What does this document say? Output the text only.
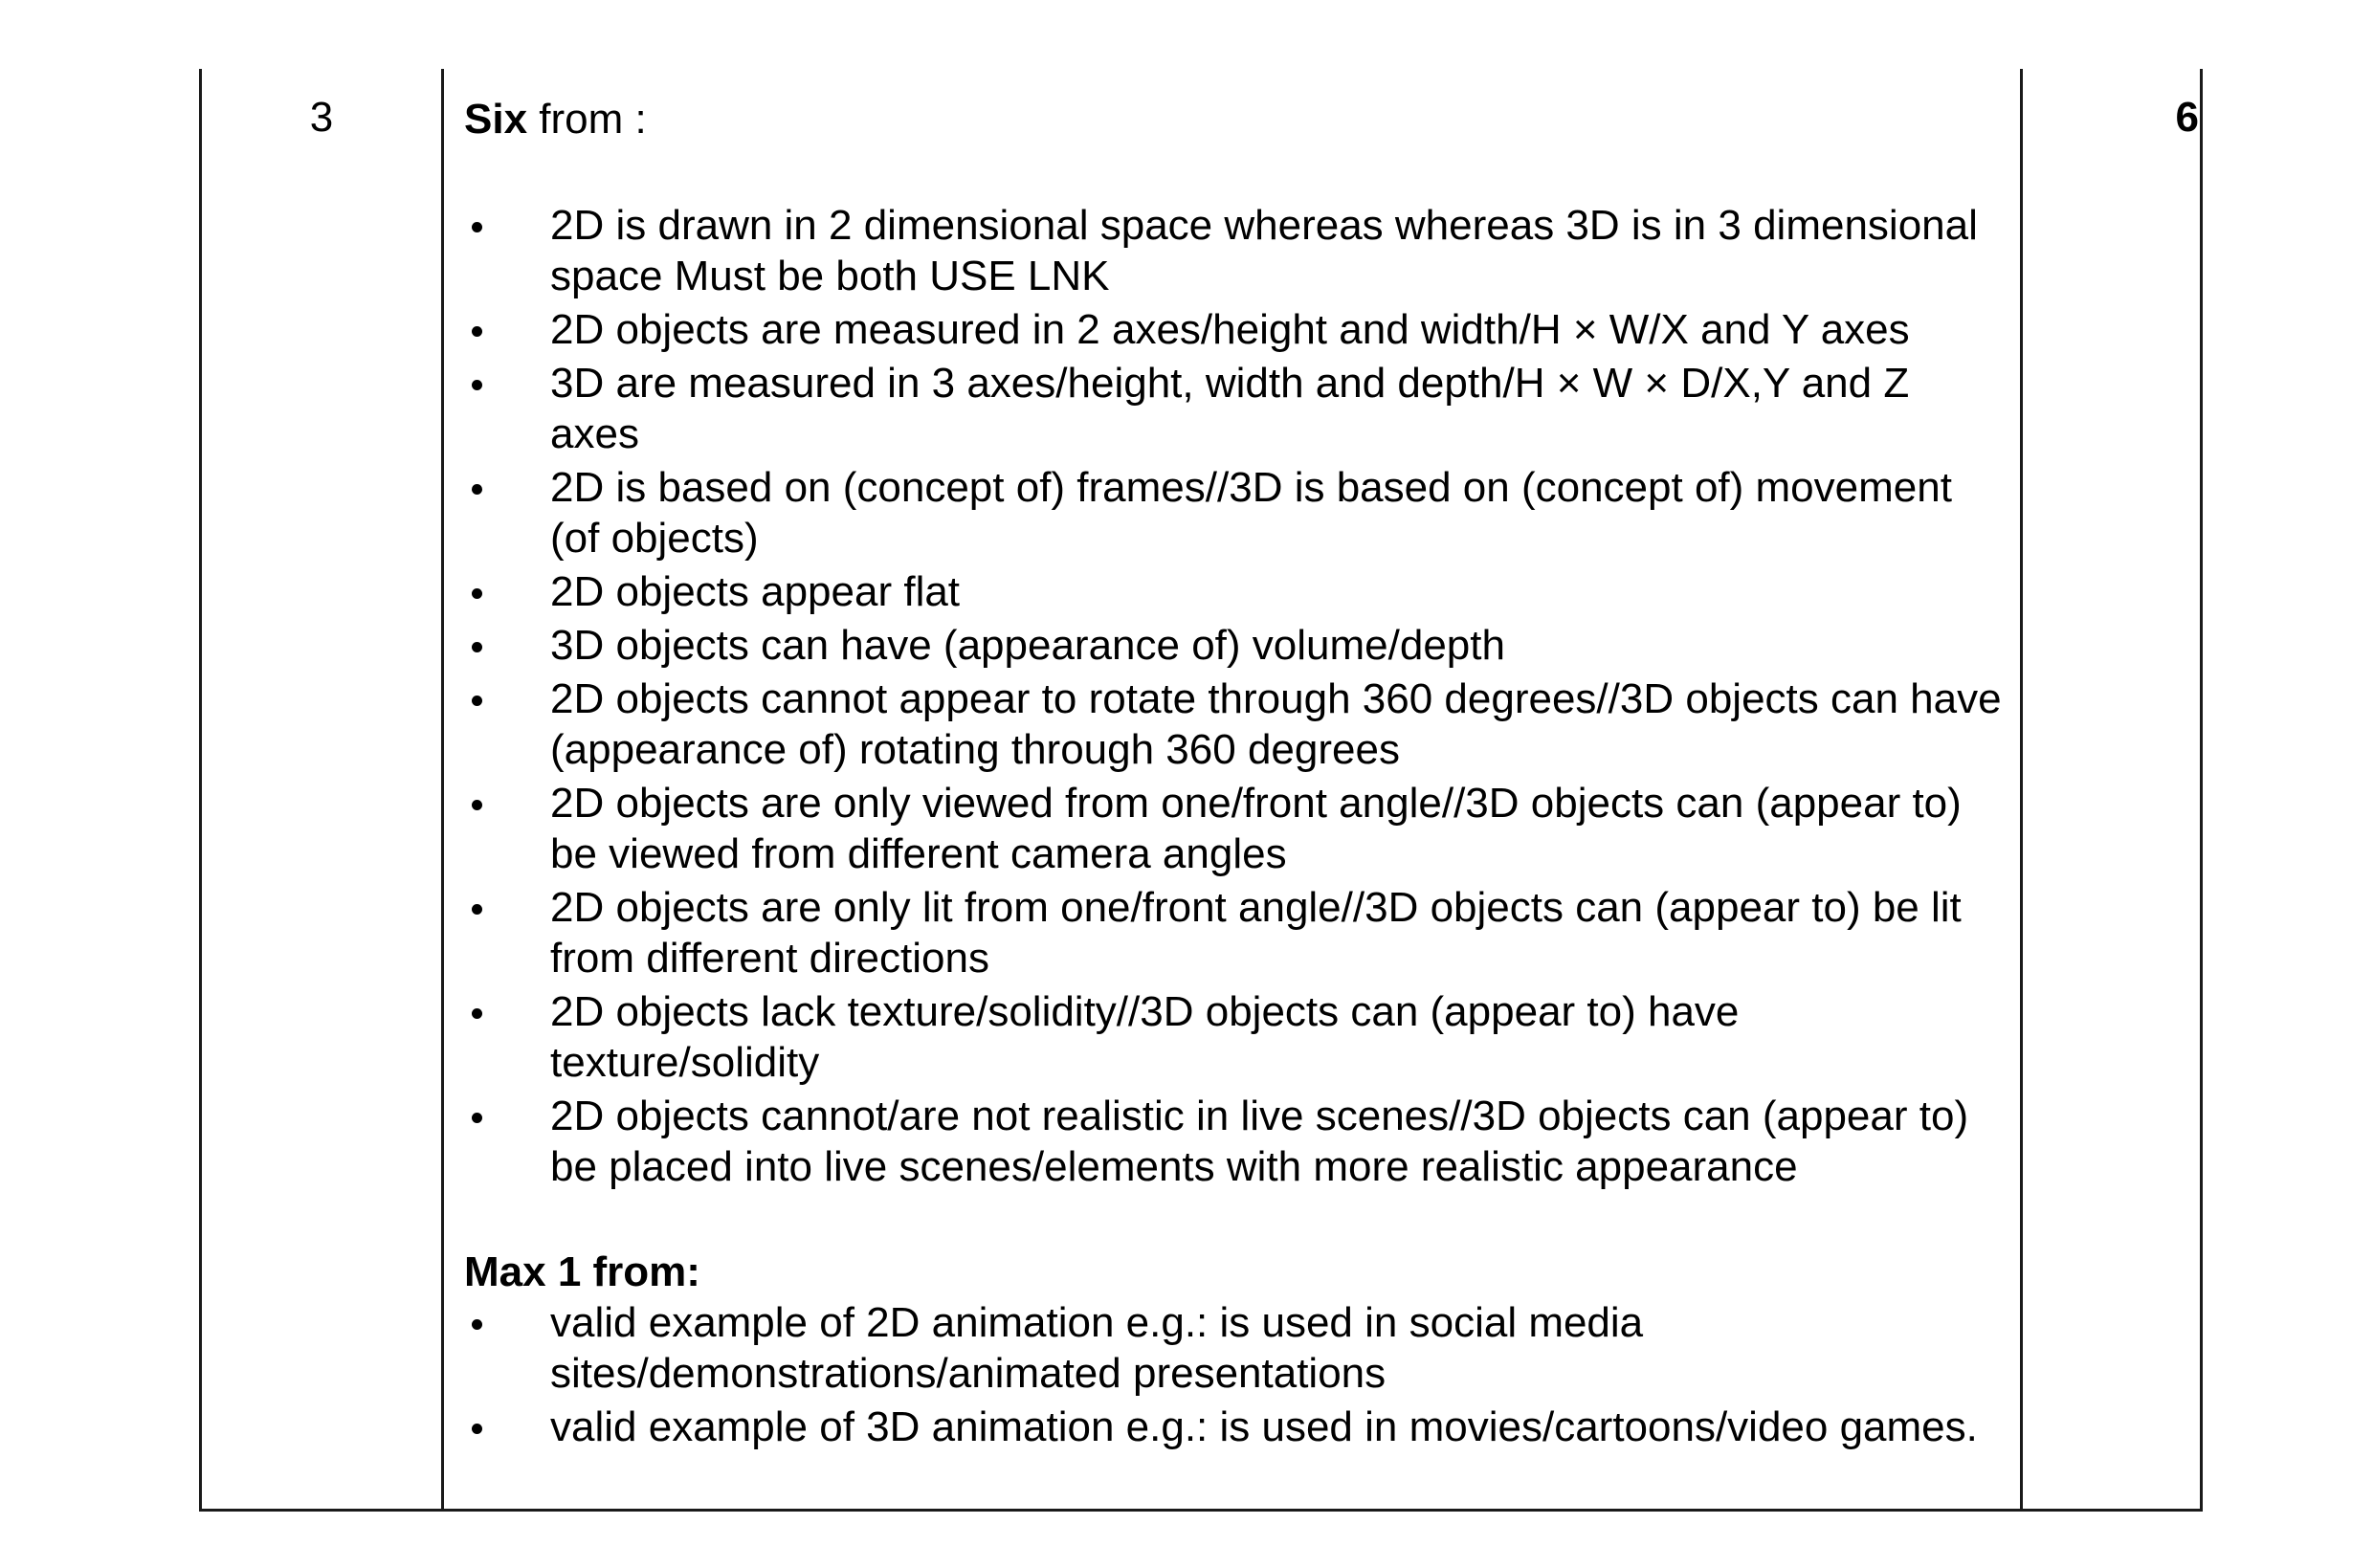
3	Six from :

2D is drawn in 2 dimensional space whereas whereas 3D is in 3 dimensional space Must be both USE LNK
2D objects are measured in 2 axes/height and width/H × W/X and Y axes
3D are measured in 3 axes/height, width and depth/H × W × D/X,Y and Z axes
2D is based on (concept of) frames//3D is based on (concept of) movement (of objects)
2D objects appear flat
3D objects can have (appearance of) volume/depth
2D objects cannot appear to rotate through 360 degrees//3D objects can have (appearance of) rotating through 360 degrees
2D objects are only viewed from one/front angle//3D objects can (appear to) be viewed from different camera angles
2D objects are only lit from one/front angle//3D objects can (appear to) be lit from different directions
2D objects lack texture/solidity//3D objects can (appear to) have texture/solidity
2D objects cannot/are not realistic in live scenes//3D objects can (appear to) be placed into live scenes/elements with more realistic appearance

Max 1 from:

valid example of 2D animation e.g.: is used in social media sites/demonstrations/animated presentations
valid example of 3D animation e.g.: is used in movies/cartoons/video games.
6
